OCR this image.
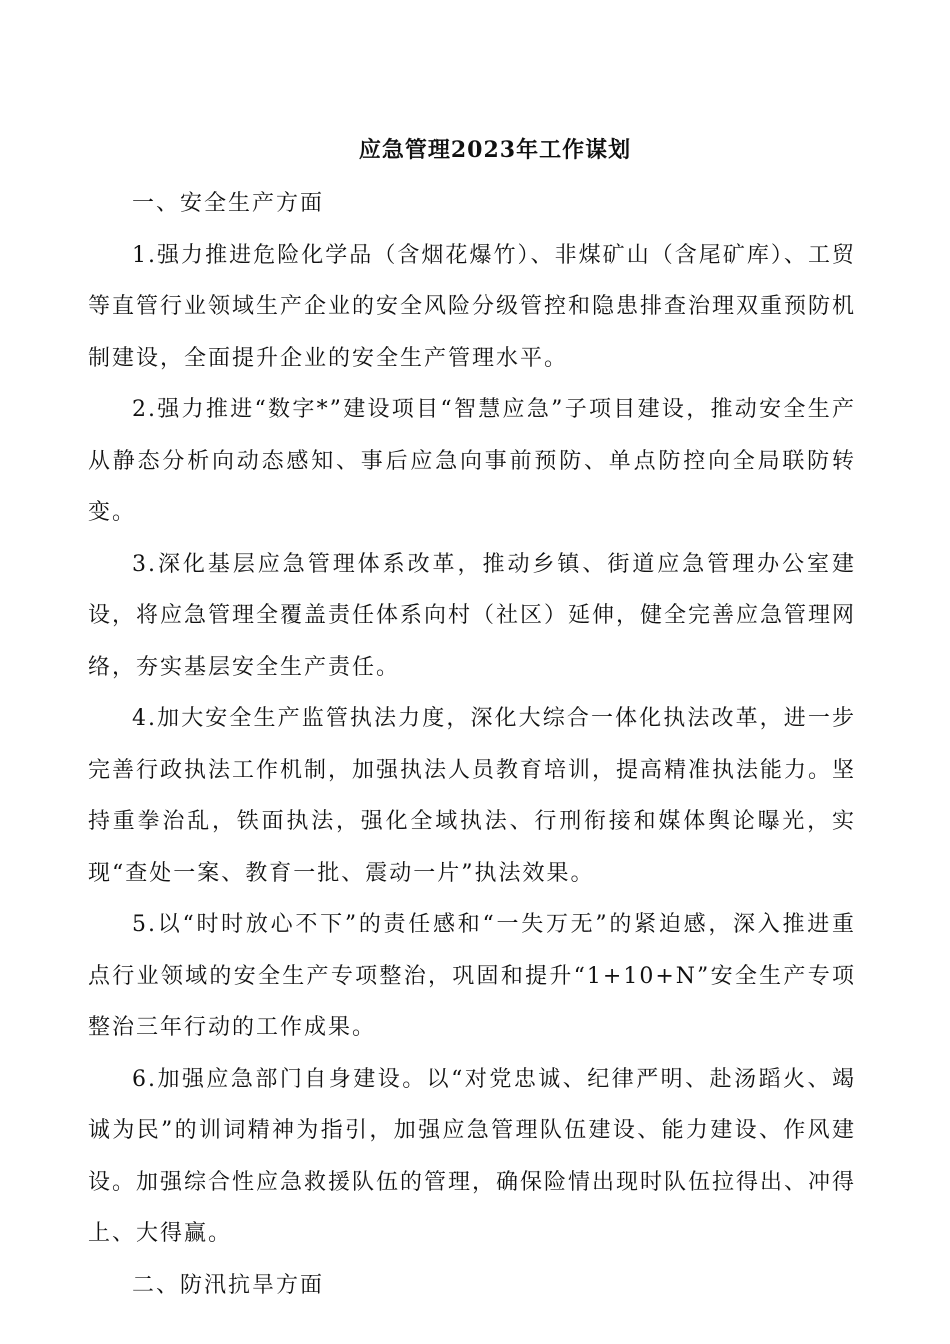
应急管理2023年工作谋划

一、安全生产方面

1.强力推进危险化学品（含烟花爆竹）、非煤矿山（含尾矿库）、工贸等直管行业领域生产企业的安全风险分级管控和隐患排查治理双重预防机制建设，全面提升企业的安全生产管理水平。

2.强力推进“数字*”建设项目“智慧应急”子项目建设，推动安全生产从静态分析向动态感知、事后应急向事前预防、单点防控向全局联防转变。

3.深化基层应急管理体系改革，推动乡镇、街道应急管理办公室建设，将应急管理全覆盖责任体系向村（社区）延伸，健全完善应急管理网络，夯实基层安全生产责任。

4.加大安全生产监管执法力度，深化大综合一体化执法改革，进一步完善行政执法工作机制，加强执法人员教育培训，提高精准执法能力。坚持重拳治乱，铁面执法，强化全域执法、行刑衔接和媒体舆论曝光，实现“查处一案、教育一批、震动一片”执法效果。

5.以“时时放心不下”的责任感和“一失万无”的紧迫感，深入推进重点行业领域的安全生产专项整治，巩固和提升“1+10+N”安全生产专项整治三年行动的工作成果。

6.加强应急部门自身建设。以“对党忠诚、纪律严明、赴汤蹈火、竭诚为民”的训词精神为指引，加强应急管理队伍建设、能力建设、作风建设。加强综合性应急救援队伍的管理，确保险情出现时队伍拉得出、冲得上、大得赢。

二、防汛抗旱方面
